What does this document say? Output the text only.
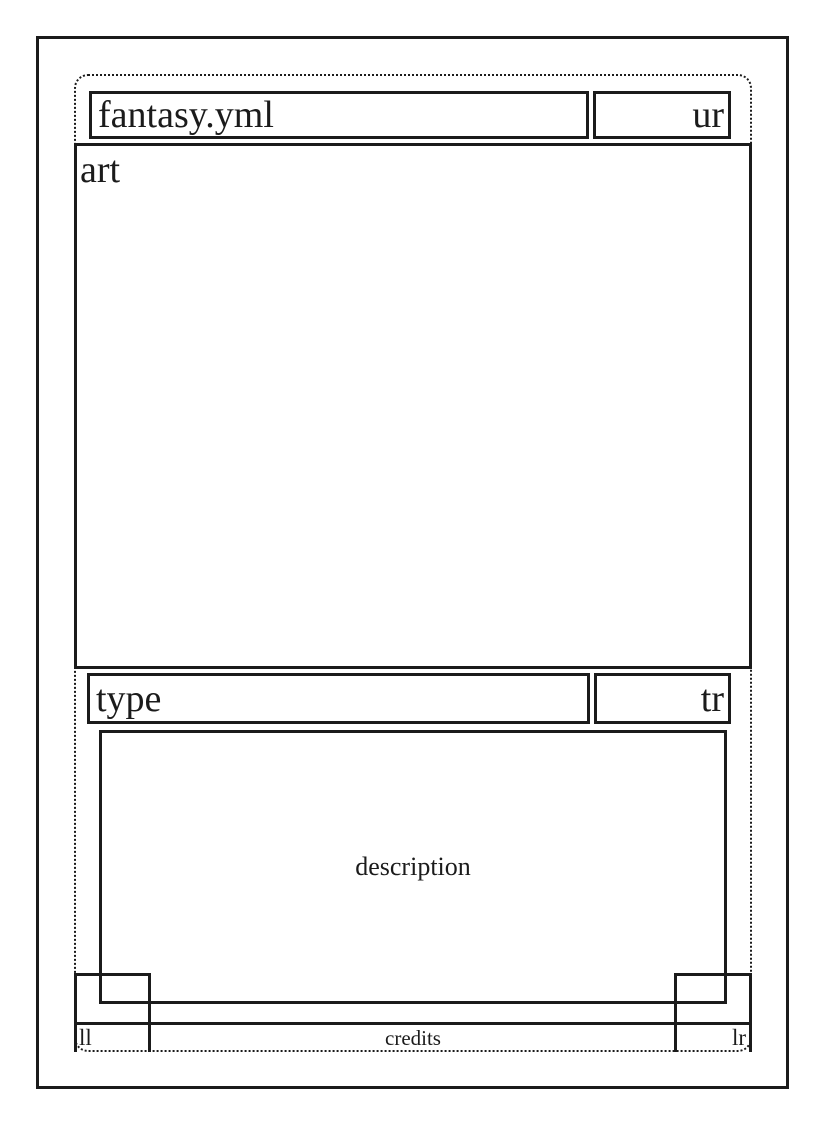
art
fantasy.yml	ur
type	tr
description
ll	lr
credits
